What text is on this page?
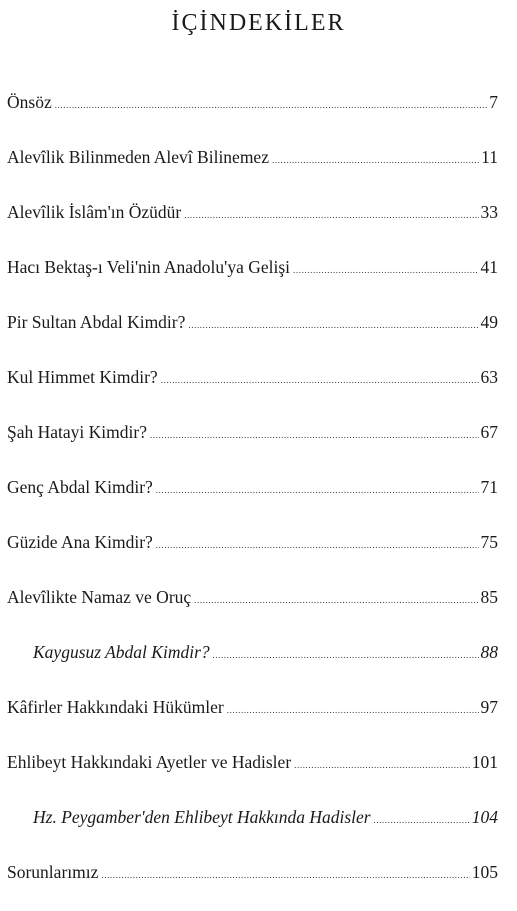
İÇİNDEKİLER
Önsöz .....	7
Alevîlik Bilinmeden Alevî Bilinemez .....	11
Alevîlik İslâm'ın Özüdür .....	33
Hacı Bektaş-ı Veli'nin Anadolu'ya Gelişi .....	41
Pir Sultan Abdal Kimdir? .....	49
Kul Himmet Kimdir? .....	63
Şah Hatayi Kimdir? .....	67
Genç Abdal Kimdir? .....	71
Güzide Ana Kimdir? .....	75
Alevîlikte Namaz ve Oruç .....	85
Kaygusuz Abdal Kimdir? .....	88
Kâfirler Hakkındaki Hükümler .....	97
Ehlibeyt Hakkındaki Ayetler ve Hadisler .....	101
Hz. Peygamber'den Ehlibeyt Hakkında Hadisler .....	104
Sorunlarımız .....	105
